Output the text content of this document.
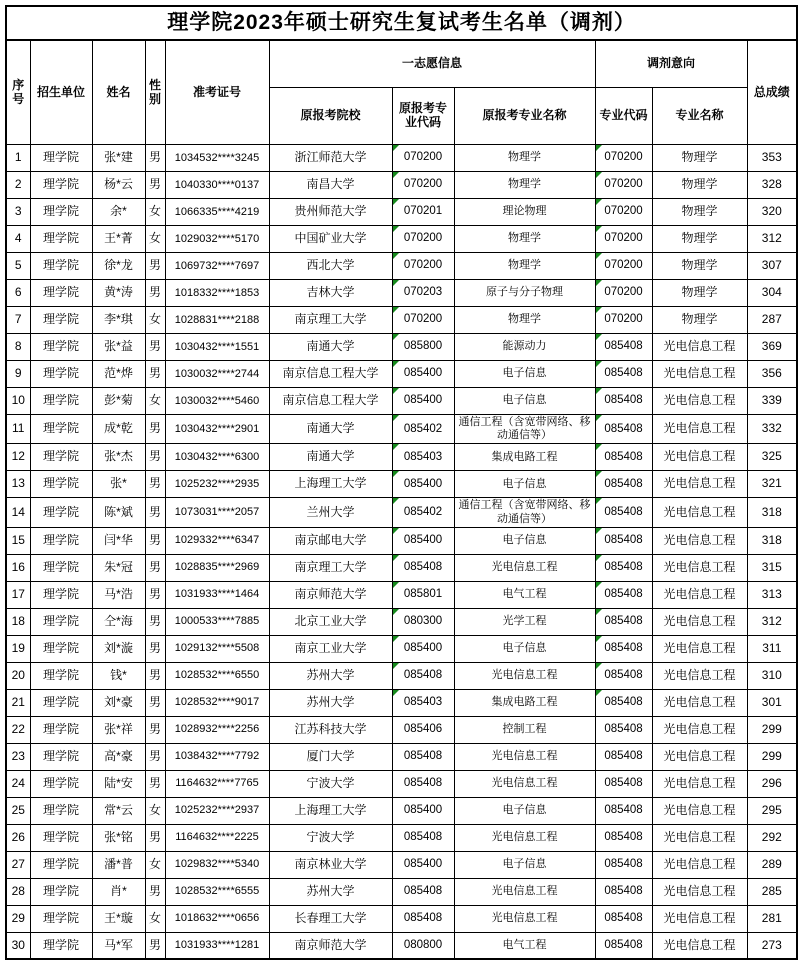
理学院2023年硕士研究生复试考生名单（调剂）										
序号	招生单位	姓名	性别	准考证号	一志愿信息			调剂意向		总成绩
					原报考院校	原报考专业代码	原报考专业名称	专业代码	专业名称	
1	理学院	张*建	男	1034532****3245	浙江师范大学	070200	物理学	070200	物理学	353
2	理学院	杨*云	男	1040330****0137	南昌大学	070200	物理学	070200	物理学	328
3	理学院	余*	女	1066335****4219	贵州师范大学	070201	理论物理	070200	物理学	320
4	理学院	王*菁	女	1029032****5170	中国矿业大学	070200	物理学	070200	物理学	312
5	理学院	徐*龙	男	1069732****7697	西北大学	070200	物理学	070200	物理学	307
6	理学院	黄*涛	男	1018332****1853	吉林大学	070203	原子与分子物理	070200	物理学	304
7	理学院	李*琪	女	1028831****2188	南京理工大学	070200	物理学	070200	物理学	287
8	理学院	张*益	男	1030432****1551	南通大学	085800	能源动力	085408	光电信息工程	369
9	理学院	范*烨	男	1030032****2744	南京信息工程大学	085400	电子信息	085408	光电信息工程	356
10	理学院	彭*菊	女	1030032****5460	南京信息工程大学	085400	电子信息	085408	光电信息工程	339
11	理学院	成*乾	男	1030432****2901	南通大学	085402	通信工程（含宽带网络、移动通信等）	085408	光电信息工程	332
12	理学院	张*杰	男	1030432****6300	南通大学	085403	集成电路工程	085408	光电信息工程	325
13	理学院	张*	男	1025232****2935	上海理工大学	085400	电子信息	085408	光电信息工程	321
14	理学院	陈*斌	男	1073031****2057	兰州大学	085402	通信工程（含宽带网络、移动通信等）	085408	光电信息工程	318
15	理学院	闫*华	男	1029332****6347	南京邮电大学	085400	电子信息	085408	光电信息工程	318
16	理学院	朱*冠	男	1028835****2969	南京理工大学	085408	光电信息工程	085408	光电信息工程	315
17	理学院	马*浩	男	1031933****1464	南京师范大学	085801	电气工程	085408	光电信息工程	313
18	理学院	仝*海	男	1000533****7885	北京工业大学	080300	光学工程	085408	光电信息工程	312
19	理学院	刘*漩	男	1029132****5508	南京工业大学	085400	电子信息	085408	光电信息工程	311
20	理学院	钱*	男	1028532****6550	苏州大学	085408	光电信息工程	085408	光电信息工程	310
21	理学院	刘*豪	男	1028532****9017	苏州大学	085403	集成电路工程	085408	光电信息工程	301
22	理学院	张*祥	男	1028932****2256	江苏科技大学	085406	控制工程	085408	光电信息工程	299
23	理学院	高*豪	男	1038432****7792	厦门大学	085408	光电信息工程	085408	光电信息工程	299
24	理学院	陆*安	男	1164632****7765	宁波大学	085408	光电信息工程	085408	光电信息工程	296
25	理学院	常*云	女	1025232****2937	上海理工大学	085400	电子信息	085408	光电信息工程	295
26	理学院	张*铭	男	1164632****2225	宁波大学	085408	光电信息工程	085408	光电信息工程	292
27	理学院	潘*普	女	1029832****5340	南京林业大学	085400	电子信息	085408	光电信息工程	289
28	理学院	肖*	男	1028532****6555	苏州大学	085408	光电信息工程	085408	光电信息工程	285
29	理学院	王*璇	女	1018632****0656	长春理工大学	085408	光电信息工程	085408	光电信息工程	281
30	理学院	马*军	男	1031933****1281	南京师范大学	080800	电气工程	085408	光电信息工程	273
